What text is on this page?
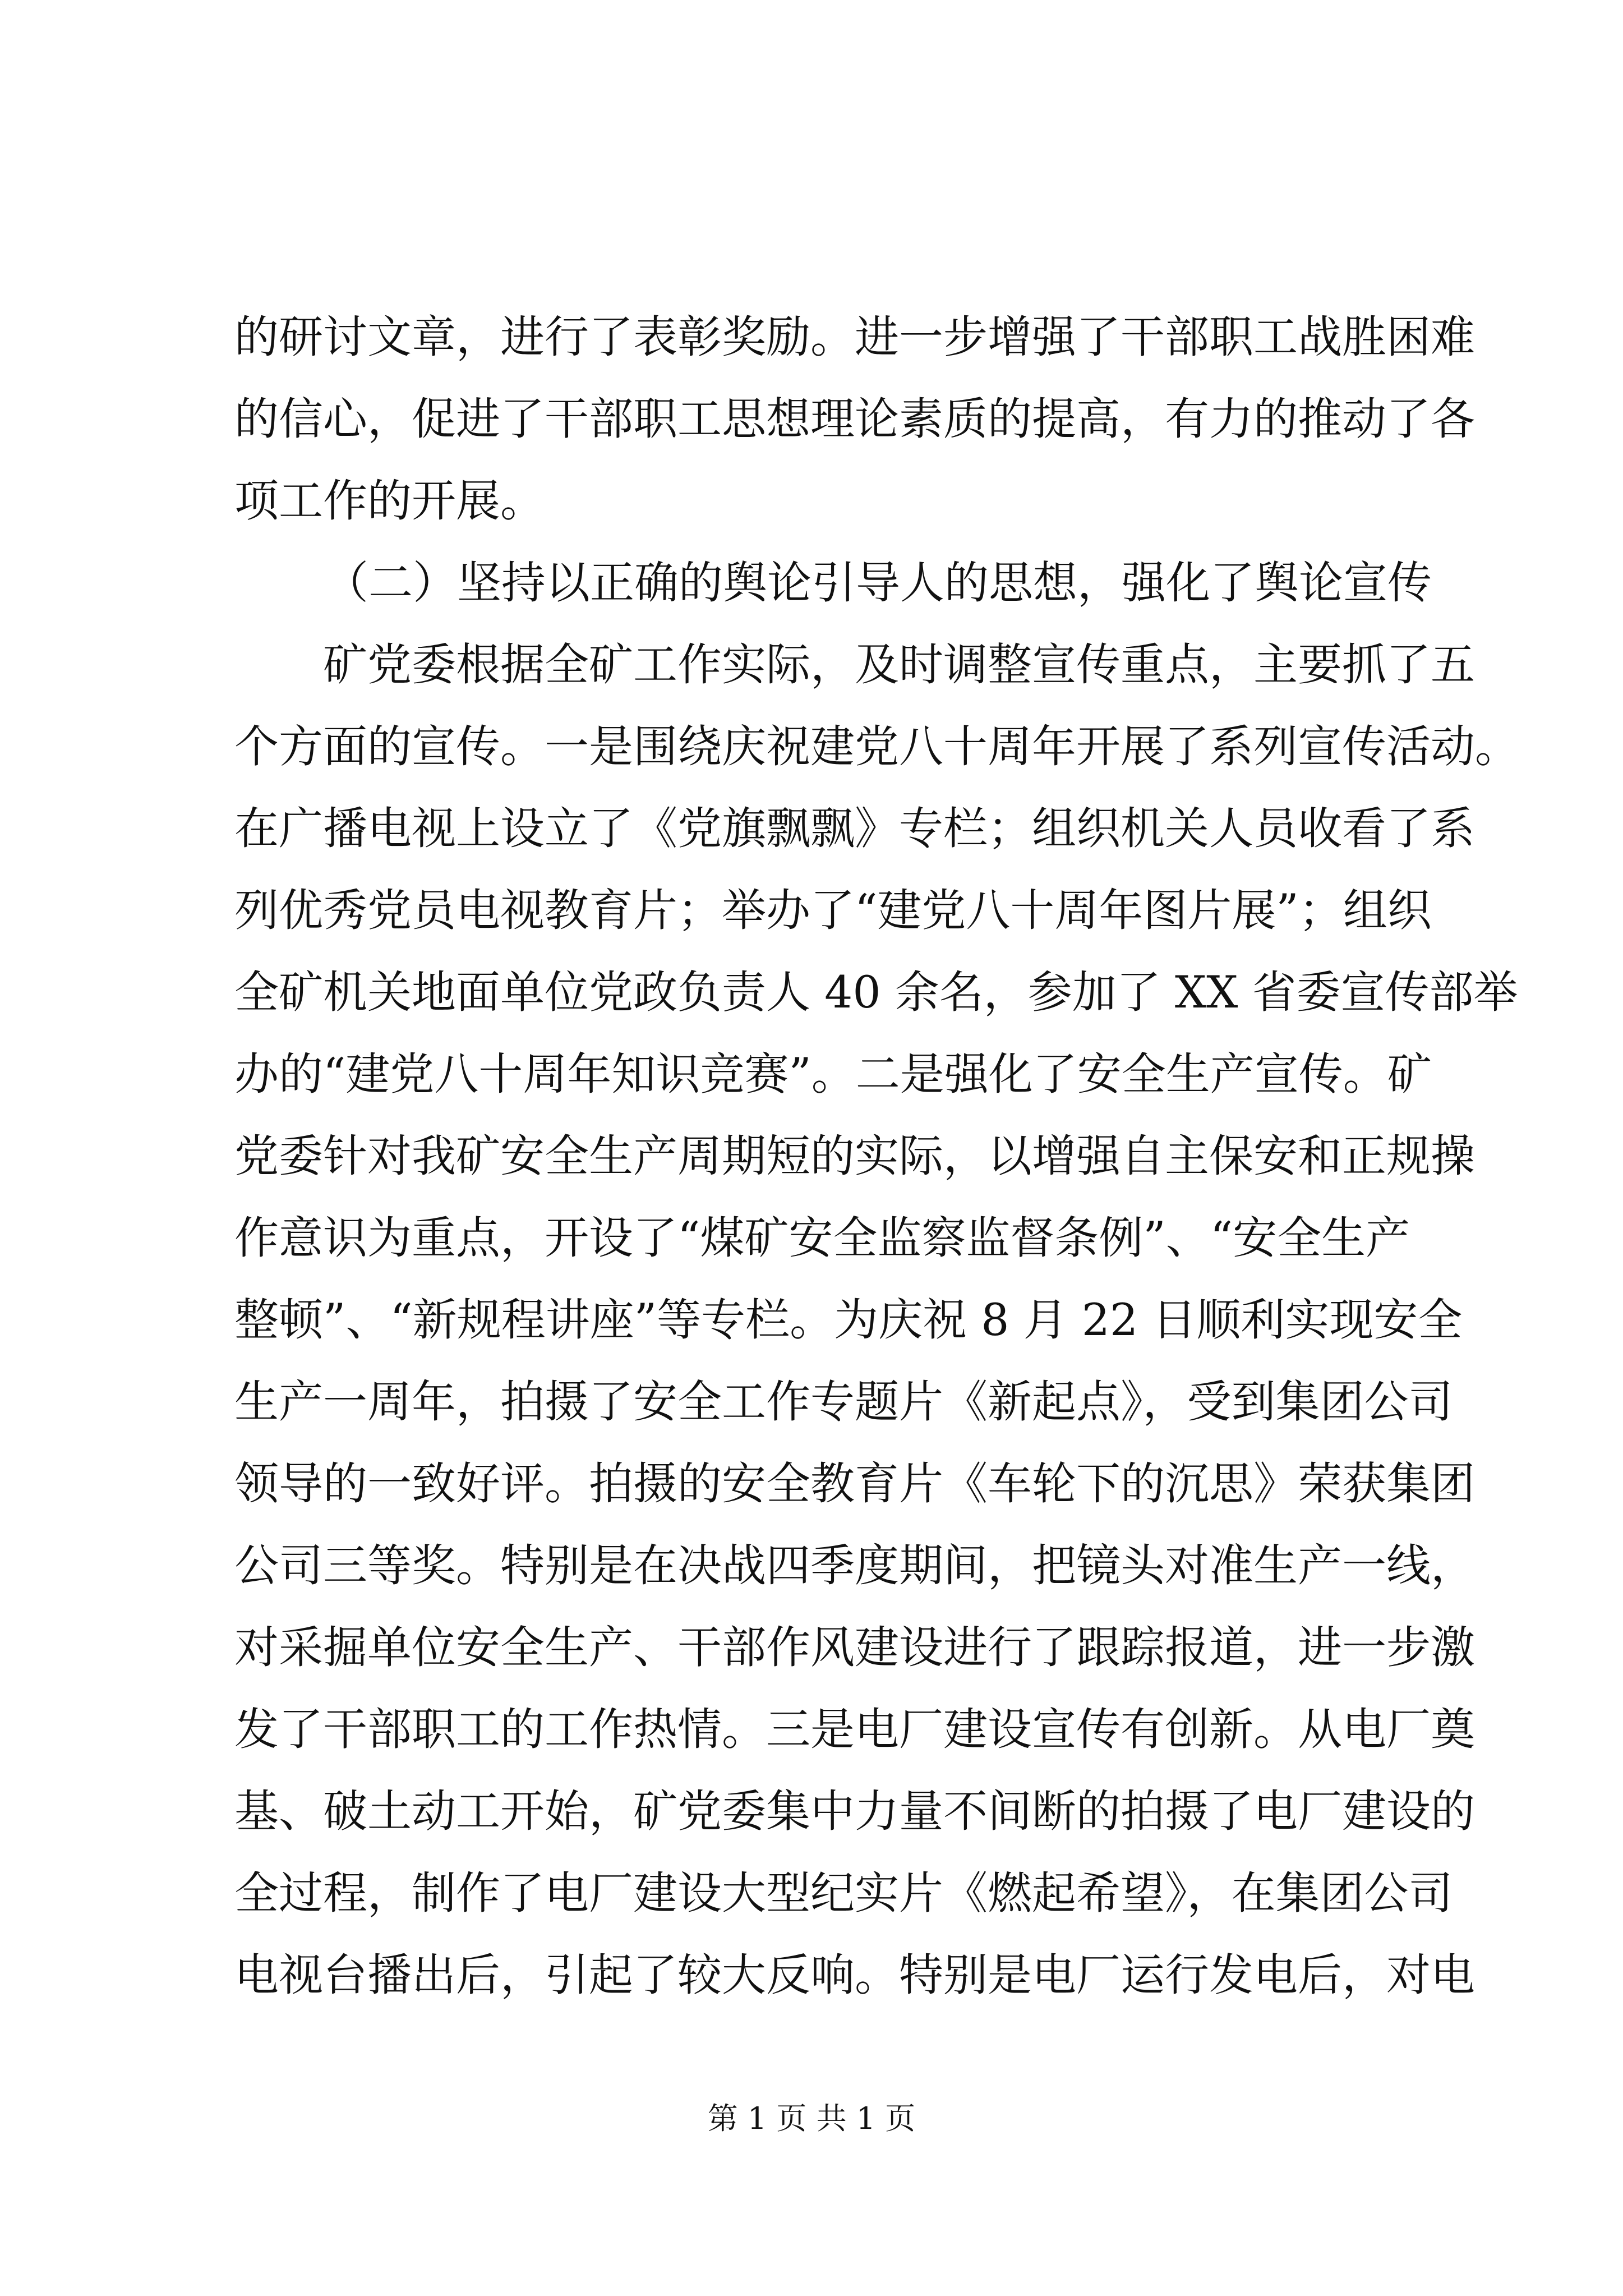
的研讨文章，进行了表彰奖励。进一步增强了干部职工战胜困难
的信心，促进了干部职工思想理论素质的提高，有力的推动了各
项工作的开展。
（二）坚持以正确的舆论引导人的思想，强化了舆论宣传
矿党委根据全矿工作实际，及时调整宣传重点，主要抓了五
个方面的宣传。一是围绕庆祝建党八十周年开展了系列宣传活动。
在广播电视上设立了《党旗飘飘》专栏；组织机关人员收看了系
列优秀党员电视教育片；举办了“建党八十周年图片展”；组织
全矿机关地面单位党政负责人 40 余名，参加了 XX 省委宣传部举
办的“建党八十周年知识竞赛”。二是强化了安全生产宣传。矿
党委针对我矿安全生产周期短的实际，以增强自主保安和正规操
作意识为重点，开设了“煤矿安全监察监督条例”、“安全生产
整顿”、“新规程讲座”等专栏。为庆祝 8 月 22 日顺利实现安全
生产一周年，拍摄了安全工作专题片《新起点》，受到集团公司
领导的一致好评。拍摄的安全教育片《车轮下的沉思》荣获集团
公司三等奖。特别是在决战四季度期间，把镜头对准生产一线，
对采掘单位安全生产、干部作风建设进行了跟踪报道，进一步激
发了干部职工的工作热情。三是电厂建设宣传有创新。从电厂奠
基、破土动工开始，矿党委集中力量不间断的拍摄了电厂建设的
全过程，制作了电厂建设大型纪实片《燃起希望》，在集团公司
电视台播出后，引起了较大反响。特别是电厂运行发电后，对电
第 1 页 共 1 页
